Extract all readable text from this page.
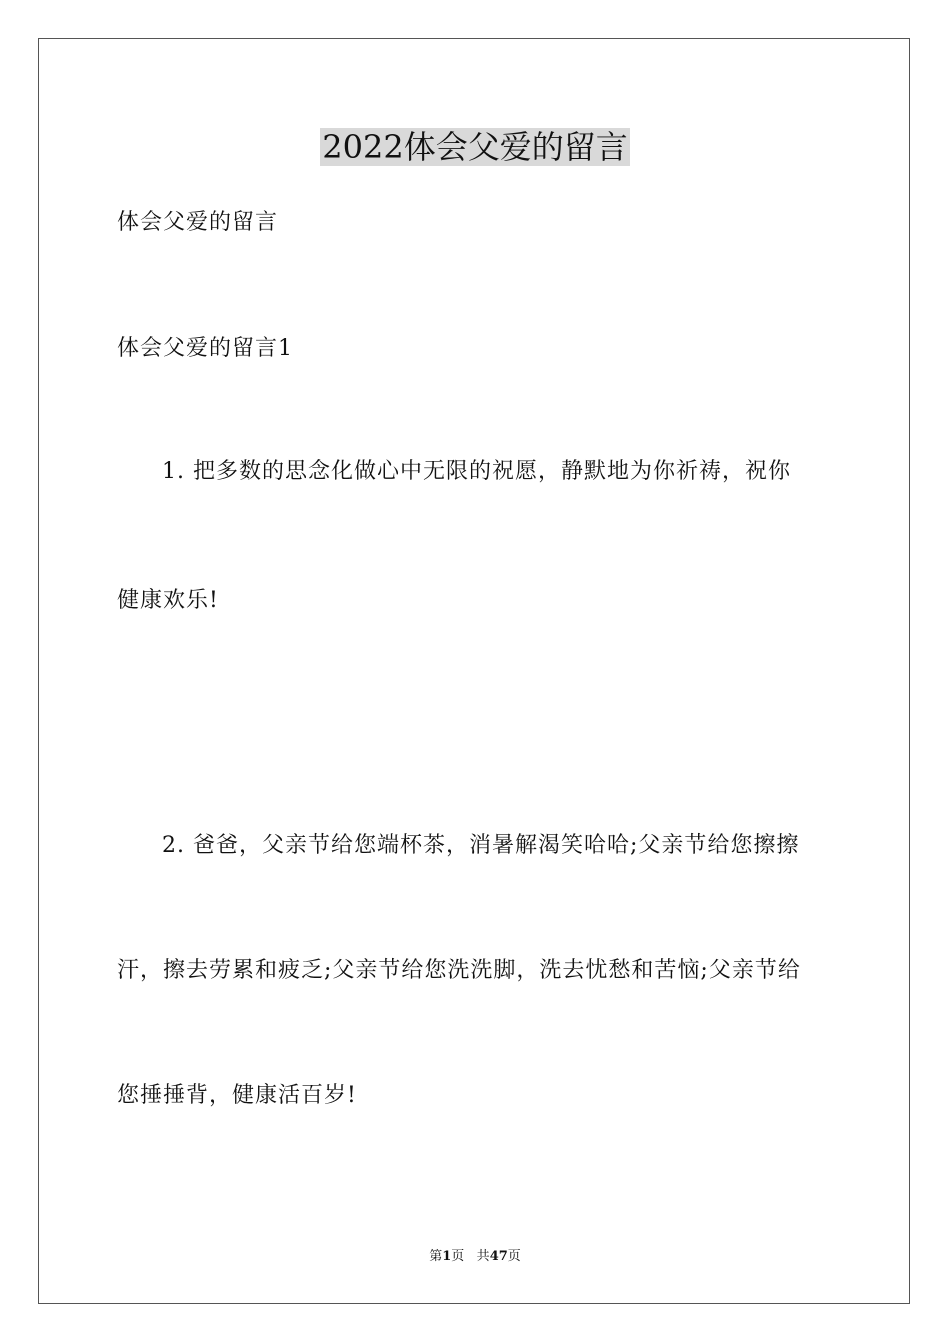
2022体会父爱的留言

体会父爱的留言

体会父爱的留言1

1. 把多数的思念化做心中无限的祝愿，静默地为你祈祷，祝你

健康欢乐!

2. 爸爸，父亲节给您端杯茶，消暑解渴笑哈哈;父亲节给您擦擦

汗，擦去劳累和疲乏;父亲节给您洗洗脚，洗去忧愁和苦恼;父亲节给

您捶捶背，健康活百岁!

第1页 共47页
